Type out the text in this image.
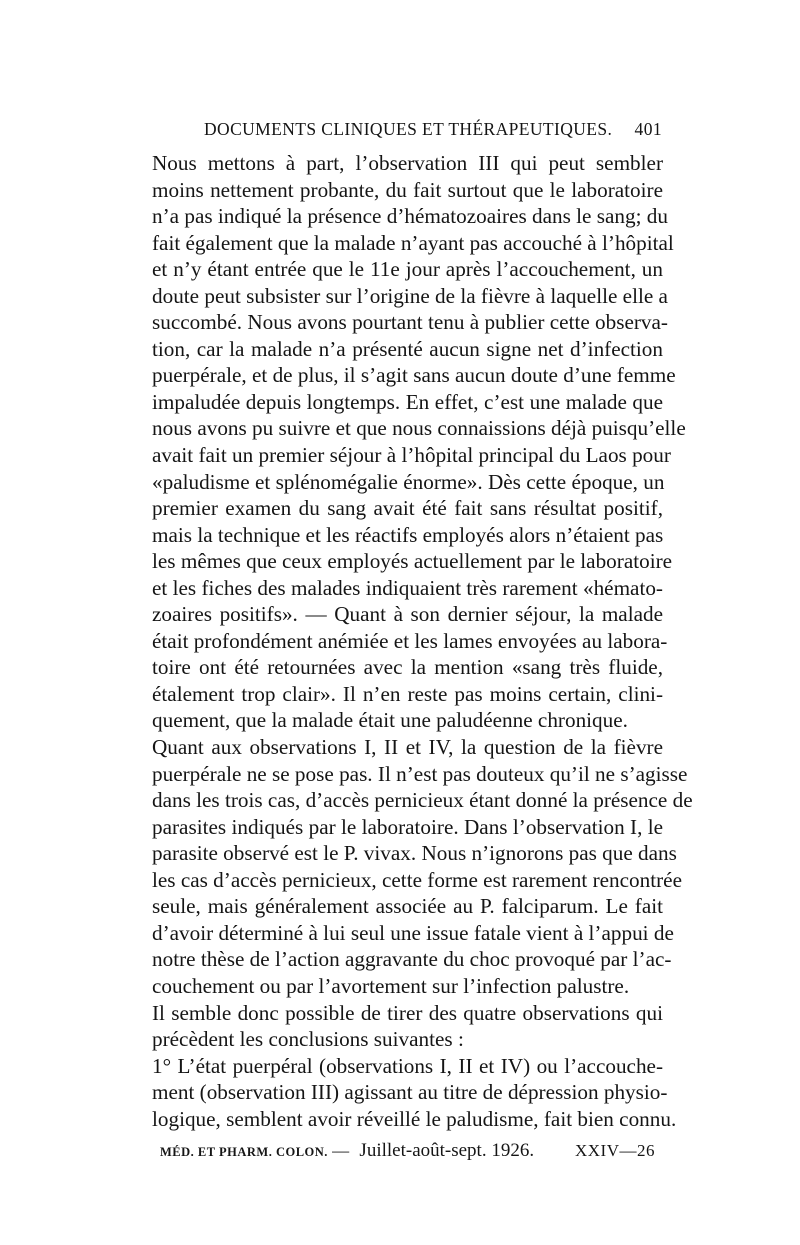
DOCUMENTS CLINIQUES ET THÉRAPEUTIQUES. 401

Nous mettons à part, l’observation III qui peut sembler
moins nettement probante, du fait surtout que le laboratoire
n’a pas indiqué la présence d’hématozoaires dans le sang; du
fait également que la malade n’ayant pas accouché à l’hôpital
et n’y étant entrée que le 11e jour après l’accouchement, un
doute peut subsister sur l’origine de la fièvre à laquelle elle a
succombé. Nous avons pourtant tenu à publier cette observa-
tion, car la malade n’a présenté aucun signe net d’infection
puerpérale, et de plus, il s’agit sans aucun doute d’une femme
impaludée depuis longtemps. En effet, c’est une malade que
nous avons pu suivre et que nous connaissions déjà puisqu’elle
avait fait un premier séjour à l’hôpital principal du Laos pour
«paludisme et splénomégalie énorme». Dès cette époque, un
premier examen du sang avait été fait sans résultat positif,
mais la technique et les réactifs employés alors n’étaient pas
les mêmes que ceux employés actuellement par le laboratoire
et les fiches des malades indiquaient très rarement «hémato-
zoaires positifs». — Quant à son dernier séjour, la malade
était profondément anémiée et les lames envoyées au labora-
toire ont été retournées avec la mention «sang très fluide,
étalement trop clair». Il n’en reste pas moins certain, clini-
quement, que la malade était une paludéenne chronique.

Quant aux observations I, II et IV, la question de la fièvre
puerpérale ne se pose pas. Il n’est pas douteux qu’il ne s’agisse
dans les trois cas, d’accès pernicieux étant donné la présence de
parasites indiqués par le laboratoire. Dans l’observation I, le
parasite observé est le P. vivax. Nous n’ignorons pas que dans
les cas d’accès pernicieux, cette forme est rarement rencontrée
seule, mais généralement associée au P. falciparum. Le fait
d’avoir déterminé à lui seul une issue fatale vient à l’appui de
notre thèse de l’action aggravante du choc provoqué par l’ac-
couchement ou par l’avortement sur l’infection palustre.

Il semble donc possible de tirer des quatre observations qui
précèdent les conclusions suivantes :

1° L’état puerpéral (observations I, II et IV) ou l’accouche-
ment (observation III) agissant au titre de dépression physio-
logique, semblent avoir réveillé le paludisme, fait bien connu.

MÉD. ET PHARM. COLON. — Juillet-août-sept. 1926. XXIV—26
